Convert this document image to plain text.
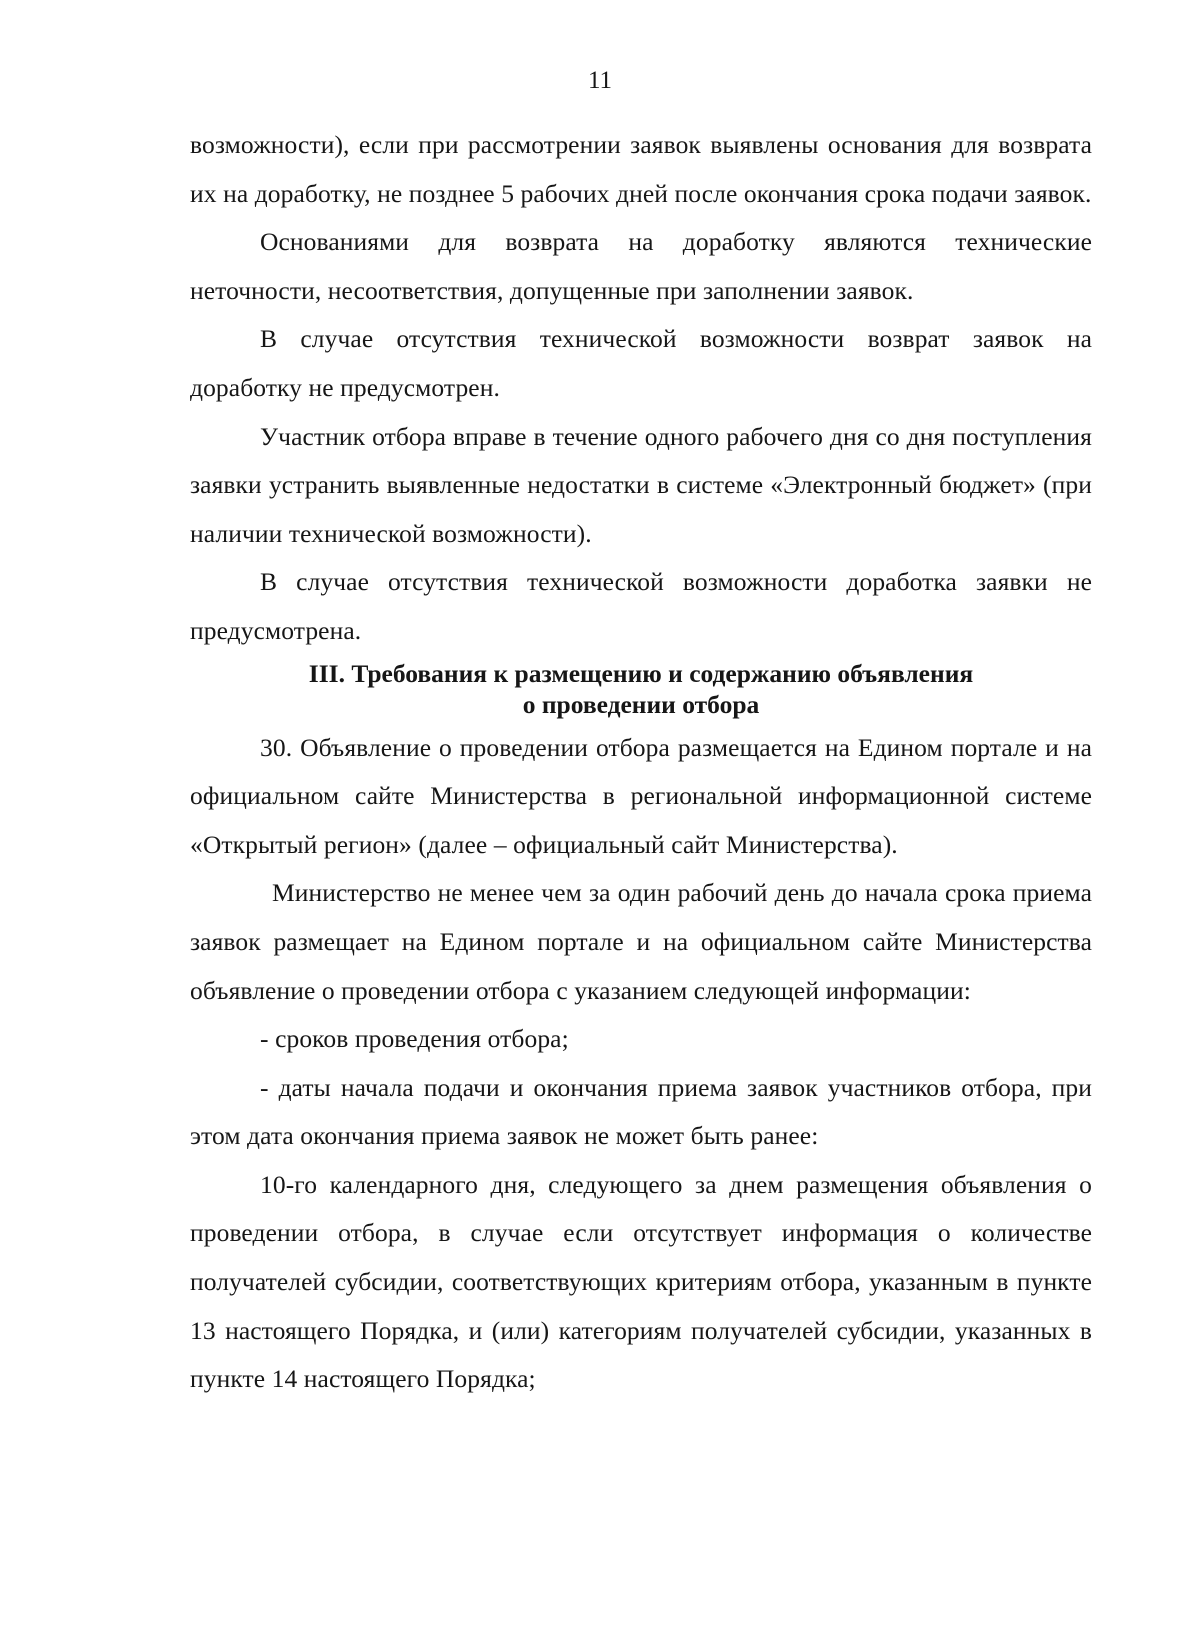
11

возможности), если при рассмотрении заявок выявлены основания для возврата их на доработку, не позднее 5 рабочих дней после окончания срока подачи заявок.

Основаниями для возврата на доработку являются технические неточности, несоответствия, допущенные при заполнении заявок.

В случае отсутствия технической возможности возврат заявок на доработку не предусмотрен.

Участник отбора вправе в течение одного рабочего дня со дня поступления заявки устранить выявленные недостатки в системе «Электронный бюджет» (при наличии технической возможности).

В случае отсутствия технической возможности доработка заявки не предусмотрена.

III. Требования к размещению и содержанию объявления
о проведении отбора

30. Объявление о проведении отбора размещается на Едином портале и на официальном сайте Министерства в региональной информационной системе «Открытый регион» (далее – официальный сайт Министерства).

Министерство не менее чем за один рабочий день до начала срока приема заявок размещает на Едином портале и на официальном сайте Министерства объявление о проведении отбора с указанием следующей информации:

- сроков проведения отбора;

- даты начала подачи и окончания приема заявок участников отбора, при этом дата окончания приема заявок не может быть ранее:

10-го календарного дня, следующего за днем размещения объявления о проведении отбора, в случае если отсутствует информация о количестве получателей субсидии, соответствующих критериям отбора, указанным в пункте 13 настоящего Порядка, и (или) категориям получателей субсидии, указанных в пункте 14 настоящего Порядка;
